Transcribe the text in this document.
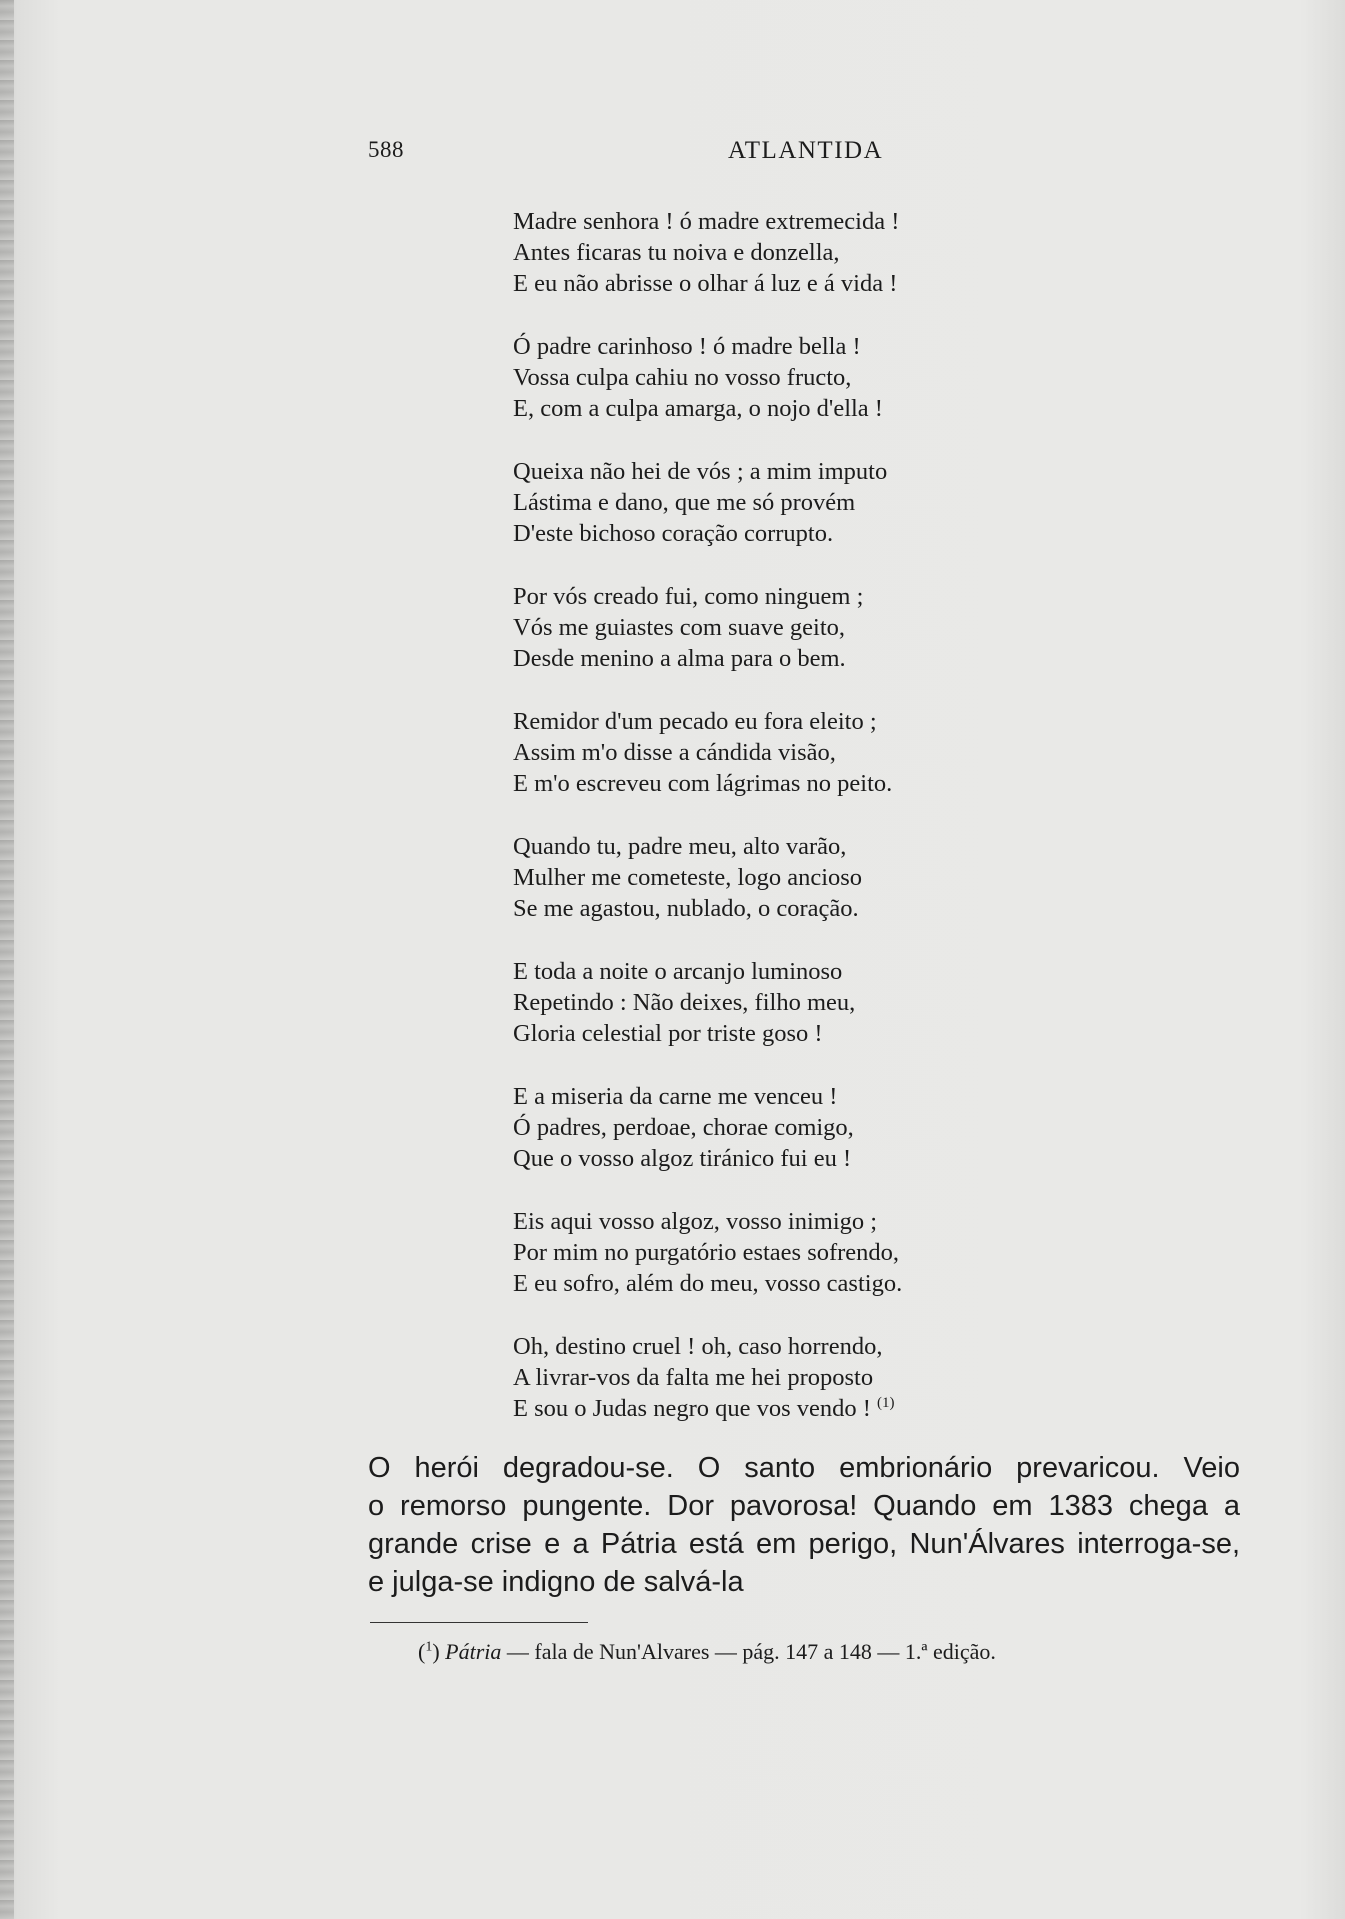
588	ATLANTIDA
Madre senhora ! ó madre extremecida !
Antes ficaras tu noiva e donzella,
E eu não abrisse o olhar á luz e á vida !
Ó padre carinhoso ! ó madre bella !
Vossa culpa cahiu no vosso fructo,
E, com a culpa amarga, o nojo d'ella !
Queixa não hei de vós ; a mim imputo
Lástima e dano, que me só provém
D'este bichoso coração corrupto.
Por vós creado fui, como ninguem ;
Vós me guiastes com suave geito,
Desde menino a alma para o bem.
Remidor d'um pecado eu fora eleito ;
Assim m'o disse a cándida visão,
E m'o escreveu com lágrimas no peito.
Quando tu, padre meu, alto varão,
Mulher me cometeste, logo ancioso
Se me agastou, nublado, o coração.
E toda a noite o arcanjo luminoso
Repetindo : Não deixes, filho meu,
Gloria celestial por triste goso !
E a miseria da carne me venceu !
Ó padres, perdoae, chorae comigo,
Que o vosso algoz tiránico fui eu !
Eis aqui vosso algoz, vosso inimigo ;
Por mim no purgatório estaes sofrendo,
E eu sofro, além do meu, vosso castigo.
Oh, destino cruel ! oh, caso horrendo,
A livrar-vos da falta me hei proposto
E sou o Judas negro que vos vendo ! $^{(1)}$
O herói degradou-se. O santo embrionário prevaricou. Veio
o remorso pungente. Dor pavorosa! Quando em 1383 chega a
grande crise e a Pátria está em perigo, Nun'Álvares interroga-se,
e julga-se indigno de salvá-la
($^1$) Pátria — fala de Nun'Alvares — pág. 147 a 148 — 1.ª edição.
